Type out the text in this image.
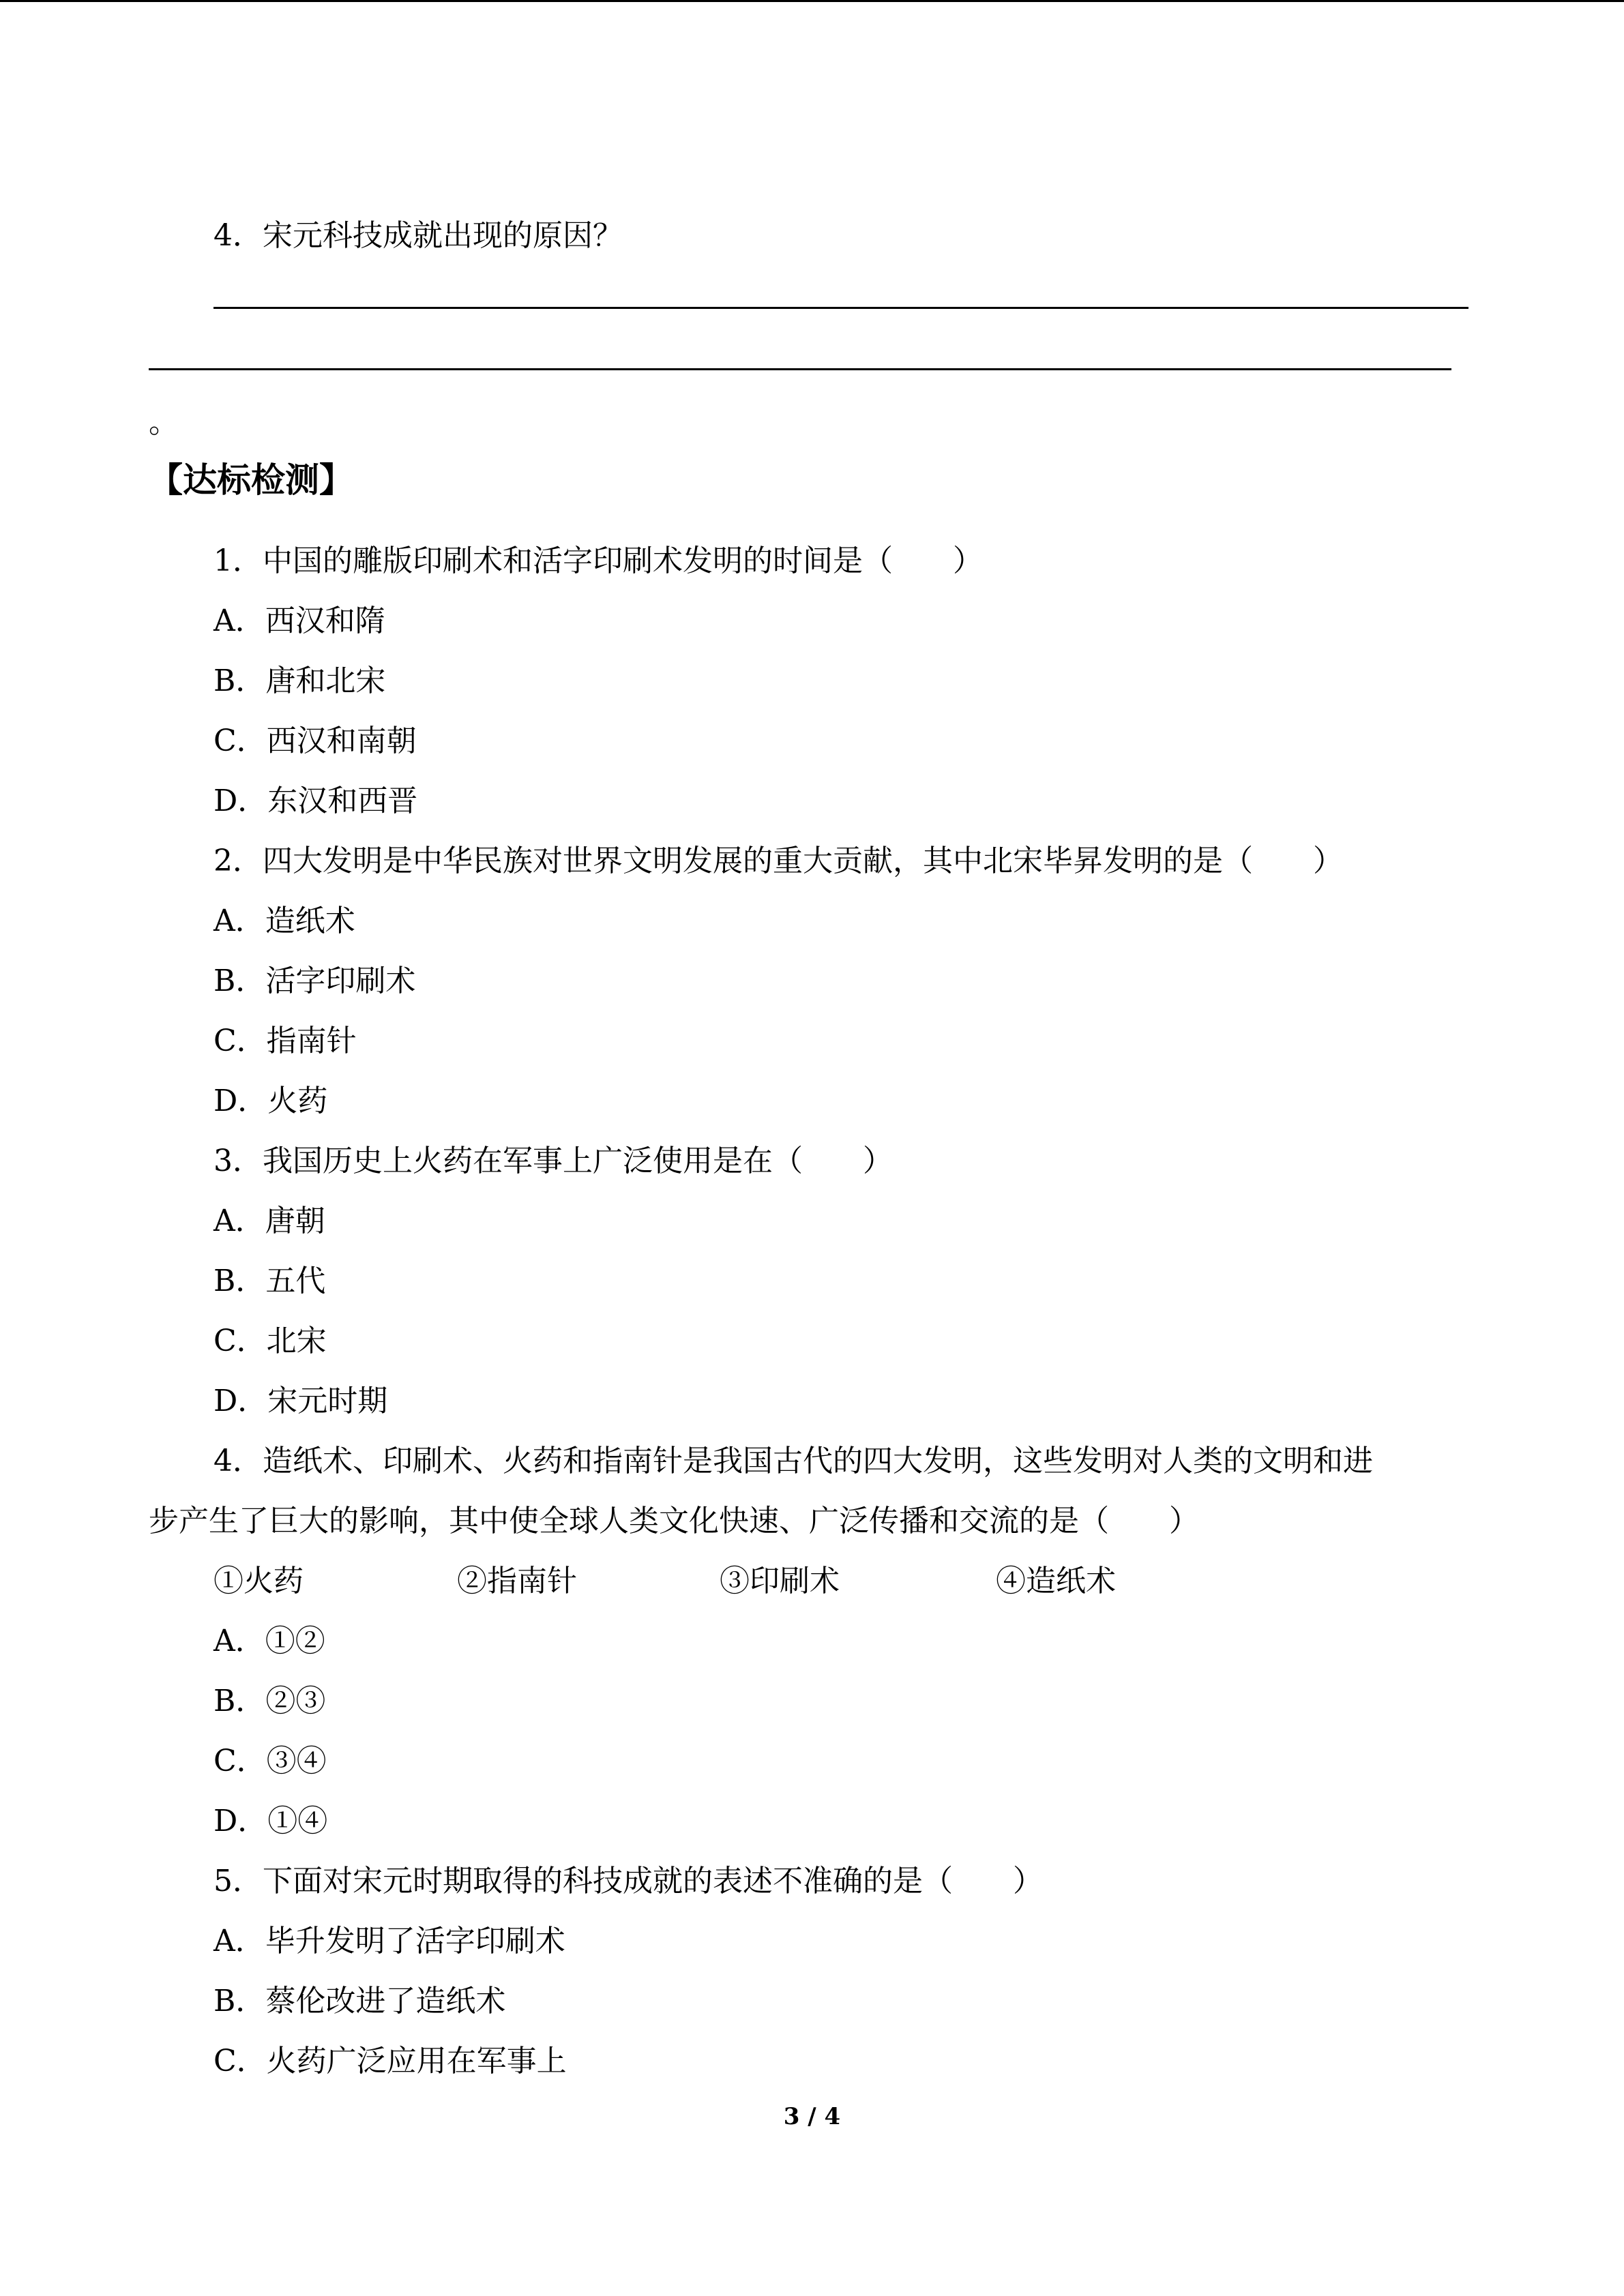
4．宋元科技成就出现的原因？
。
【达标检测】
1．中国的雕版印刷术和活字印刷术发明的时间是（　　）
A．西汉和隋
B．唐和北宋
C．西汉和南朝
D．东汉和西晋
2．四大发明是中华民族对世界文明发展的重大贡献，其中北宋毕昇发明的是（　　）
A．造纸术
B．活字印刷术
C．指南针
D．火药
3．我国历史上火药在军事上广泛使用是在（　　）
A．唐朝
B．五代
C．北宋
D．宋元时期
4．造纸术、印刷术、火药和指南针是我国古代的四大发明，这些发明对人类的文明和进
步产生了巨大的影响，其中使全球人类文化快速、广泛传播和交流的是（　　）
①火药	②指南针	③印刷术	④造纸术
A．①②
B．②③
C．③④
D．①④
5．下面对宋元时期取得的科技成就的表述不准确的是（　　）
A．毕升发明了活字印刷术
B．蔡伦改进了造纸术
C．火药广泛应用在军事上
3 / 4
